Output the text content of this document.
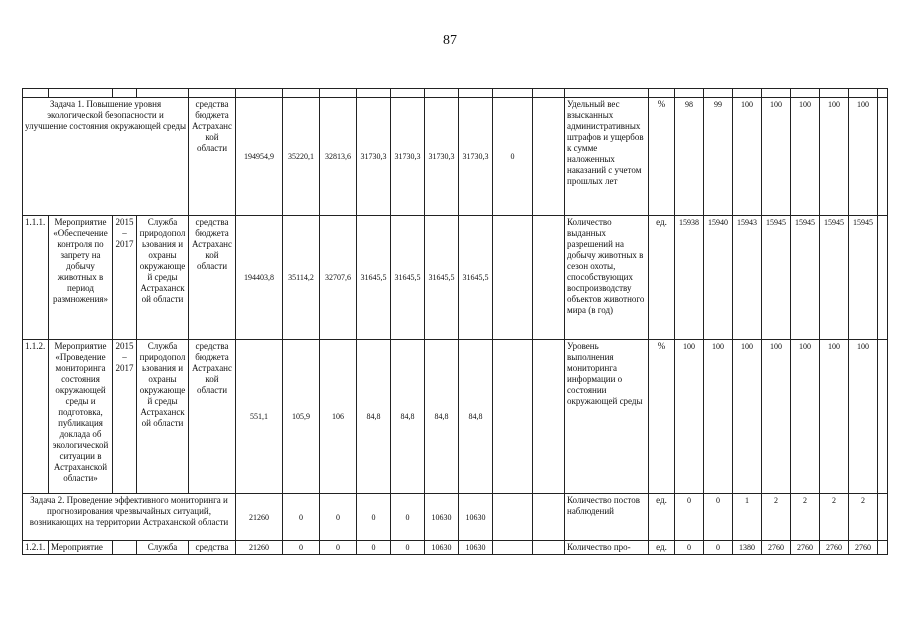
87

Задача 1. Повышение уровня экологической безопасности и улучшение состояния окружающей среды				средства бюджета Астраханской области	194954,9	35220,1	32813,6	31730,3	31730,3	31730,3	31730,3	0		Удельный вес взысканных административных штрафов и ущербов к сумме наложенных наказаний с учетом прошлых лет	%	98	99	100	100	100	100	100	
1.1.1.	Мероприятие «Обеспечение контроля по запрету на добычу животных в период размножения»	2015 – 2017	Служба природопользования и охраны окружающей среды Астраханской области	средства бюджета Астраханской области	194403,8	35114,2	32707,6	31645,5	31645,5	31645,5	31645,5			Количество выданных разрешений на добычу животных в сезон охоты, способствующих воспроизводству объектов животного мира (в год)	ед.	15938	15940	15943	15945	15945	15945	15945	
1.1.2.	Мероприятие «Проведение мониторинга состояния окружающей среды и подготовка, публикация доклада об экологической ситуации в Астраханской области»	2015 – 2017	Служба природопользования и охраны окружающей среды Астраханской области	средства бюджета Астраханской области	551,1	105,9	106	84,8	84,8	84,8	84,8			Уровень выполнения мониторинга информации о состоянии окружающей среды	%	100	100	100	100	100	100	100	
Задача 2. Проведение эффективного мониторинга и прогнозирования чрезвычайных ситуаций, возникающих на территории Астраханской области					21260	0	0	0	0	10630	10630			Количество постов наблюдений	ед.	0	0	1	2	2	2	2	
1.2.1.	Мероприятие		Служба	средства	21260	0	0	0	0	10630	10630			Количество про-	ед.	0	0	1380	2760	2760	2760	2760	
